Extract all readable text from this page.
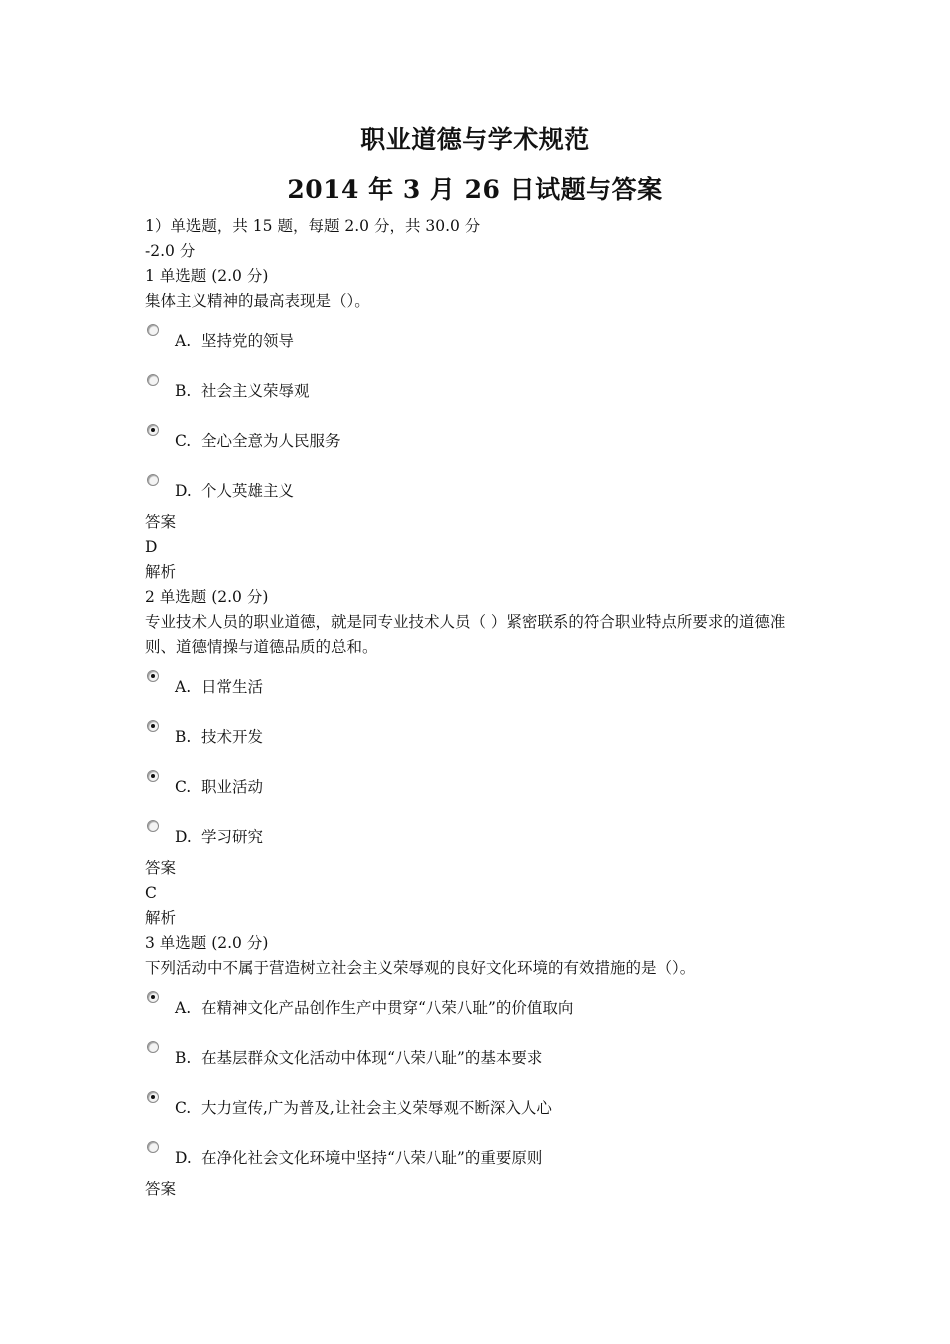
职业道德与学术规范
2014 年 3 月 26 日试题与答案
1）单选题，共 15 题，每题 2.0 分，共 30.0 分
-2.0 分
1 单选题 (2.0 分)
集体主义精神的最高表现是（）。
A. 坚持党的领导
B. 社会主义荣辱观
C. 全心全意为人民服务
D. 个人英雄主义
答案
D
解析
2 单选题 (2.0 分)
专业技术人员的职业道德，就是同专业技术人员（ ）紧密联系的符合职业特点所要求的道德准则、道德情操与道德品质的总和。
A. 日常生活
B. 技术开发
C. 职业活动
D. 学习研究
答案
C
解析
3 单选题 (2.0 分)
下列活动中不属于营造树立社会主义荣辱观的良好文化环境的有效措施的是（）。
A. 在精神文化产品创作生产中贯穿“八荣八耻”的价值取向
B. 在基层群众文化活动中体现“八荣八耻”的基本要求
C. 大力宣传,广为普及,让社会主义荣辱观不断深入人心
D. 在净化社会文化环境中坚持“八荣八耻”的重要原则
答案
